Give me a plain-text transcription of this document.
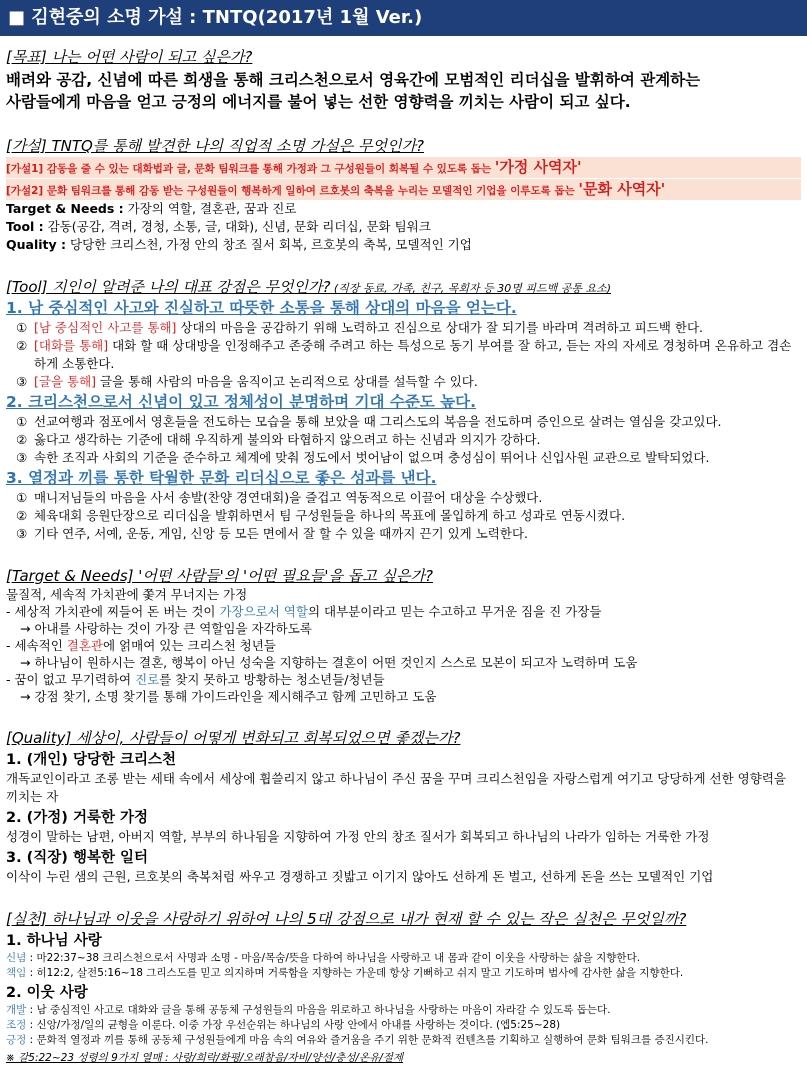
■ 김현중의 소명 가설 : TNTQ(2017년 1월 Ver.)
[목표] 나는 어떤 사람이 되고 싶은가?
배려와 공감, 신념에 따른 희생을 통해 크리스천으로서 영육간에 모범적인 리더십을 발휘하여 관계하는
사람들에게 마음을 얻고 긍정의 에너지를 불어 넣는 선한 영향력을 끼치는 사람이 되고 싶다.
[가설] TNTQ를 통해 발견한 나의 직업적 소명 가설은 무엇인가?
[가설1] 감동을 줄 수 있는 대화법과 글, 문화 팀워크를 통해 가정과 그 구성원들이 회복될 수 있도록 돕는 '가정 사역자'
[가설2] 문화 팀워크를 통해 감동 받는 구성원들이 행복하게 일하여 르호봇의 축복을 누리는 모델적인 기업을 이루도록 돕는 '문화 사역자'
Target & Needs : 가장의 역할, 결혼관, 꿈과 진로
Tool : 감동(공감, 격려, 경청, 소통, 글, 대화), 신념, 문화 리더십, 문화 팀워크
Quality : 당당한 크리스천, 가정 안의 창조 질서 회복, 르호봇의 축복, 모델적인 기업
[Tool] 지인이 알려준 나의 대표 강점은 무엇인가? (직장 동료, 가족, 친구, 목회자 등 30명 피드백 공통 요소)
1. 남 중심적인 사고와 진실하고 따뜻한 소통을 통해 상대의 마음을 얻는다.
① [남 중심적인 사고를 통해] 상대의 마음을 공감하기 위해 노력하고 진심으로 상대가 잘 되기를 바라며 격려하고 피드백 한다.
② [대화를 통해] 대화 할 때 상대방을 인정해주고 존중해 주려고 하는 특성으로 동기 부여를 잘 하고, 듣는 자의 자세로 경청하며 온유하고 겸손하게 소통한다.
③ [글을 통해] 글을 통해 사람의 마음을 움직이고 논리적으로 상대를 설득할 수 있다.
2. 크리스천으로서 신념이 있고 정체성이 분명하며 기대 수준도 높다.
① 선교여행과 점포에서 영혼들을 전도하는 모습을 통해 보았을 때 그리스도의 복음을 전도하며 증인으로 살려는 열심을 갖고있다.
② 옳다고 생각하는 기준에 대해 우직하게 불의와 타협하지 않으려고 하는 신념과 의지가 강하다.
③ 속한 조직과 사회의 기준을 준수하고 체계에 맞춰 정도에서 벗어남이 없으며 충성심이 뛰어나 신입사원 교관으로 발탁되었다.
3. 열정과 끼를 통한 탁월한 문화 리더십으로 좋은 성과를 낸다.
① 매니저님들의 마음을 사서 송발(찬양 경연대회)을 즐겁고 역동적으로 이끌어 대상을 수상했다.
② 체육대회 응원단장으로 리더십을 발휘하면서 팀 구성원들을 하나의 목표에 몰입하게 하고 성과로 연동시켰다.
③ 기타 연주, 서예, 운동, 게임, 신앙 등 모든 면에서 잘 할 수 있을 때까지 끈기 있게 노력한다.
[Target & Needs] '어떤 사람들'의 '어떤 필요들'을 돕고 싶은가?
물질적, 세속적 가치관에 쫓겨 무너지는 가정
- 세상적 가치관에 찌들어 돈 버는 것이 가장으로서 역할의 대부분이라고 믿는 수고하고 무거운 짐을 진 가장들
→ 아내를 사랑하는 것이 가장 큰 역할임을 자각하도록
- 세속적인 결혼관에 얽매여 있는 크리스천 청년들
→ 하나님이 원하시는 결혼, 행복이 아닌 성숙을 지향하는 결혼이 어떤 것인지 스스로 모본이 되고자 노력하며 도움
- 꿈이 없고 무기력하여 진로를 찾지 못하고 방황하는 청소년들/청년들
→ 강점 찾기, 소명 찾기를 통해 가이드라인을 제시해주고 함께 고민하고 도움
[Quality] 세상이, 사람들이 어떻게 변화되고 회복되었으면 좋겠는가?
1. (개인) 당당한 크리스천
개독교인이라고 조롱 받는 세태 속에서 세상에 휩쓸리지 않고 하나님이 주신 꿈을 꾸며 크리스천임을 자랑스럽게 여기고 당당하게 선한 영향력을 끼치는 자
2. (가정) 거룩한 가정
성경이 말하는 남편, 아버지 역할, 부부의 하나됨을 지향하여 가정 안의 창조 질서가 회복되고 하나님의 나라가 임하는 거룩한 가정
3. (직장) 행복한 일터
이삭이 누린 샘의 근원, 르호봇의 축복처럼 싸우고 경쟁하고 짓밟고 이기지 않아도 선하게 돈 벌고, 선하게 돈을 쓰는 모델적인 기업
[실천] 하나님과 이웃을 사랑하기 위하여 나의 5대 강점으로 내가 현재 할 수 있는 작은 실천은 무엇일까?
1. 하나님 사랑
신념 : 마22:37~38 크리스천으로서 사명과 소명 - 마음/목숨/뜻을 다하여 하나님을 사랑하고 내 몸과 같이 이웃을 사랑하는 삶을 지향한다.
책임 : 히12:2, 살전5:16~18 그리스도를 믿고 의지하며 거룩함을 지향하는 가운데 항상 기뻐하고 쉬지 말고 기도하며 범사에 감사한 삶을 지향한다.
2. 이웃 사랑
개발 : 남 중심적인 사고로 대화와 글을 통해 공동체 구성원들의 마음을 위로하고 하나님을 사랑하는 마음이 자라갈 수 있도록 돕는다.
조정 : 신앙/가정/일의 균형을 이룬다. 이중 가장 우선순위는 하나님의 사랑 안에서 아내를 사랑하는 것이다. (엡5:25~28)
긍정 : 문화적 열정과 끼를 통해 공동체 구성원들에게 마음 속의 여유와 즐거움을 주기 위한 문화적 컨텐츠를 기획하고 실행하여 문화 팀워크를 증진시킨다.
※ 갈5:22~23 성령의 9가지 열매 : 사랑/희락/화평/오래참음/자비/양선/충성/온유/절제
